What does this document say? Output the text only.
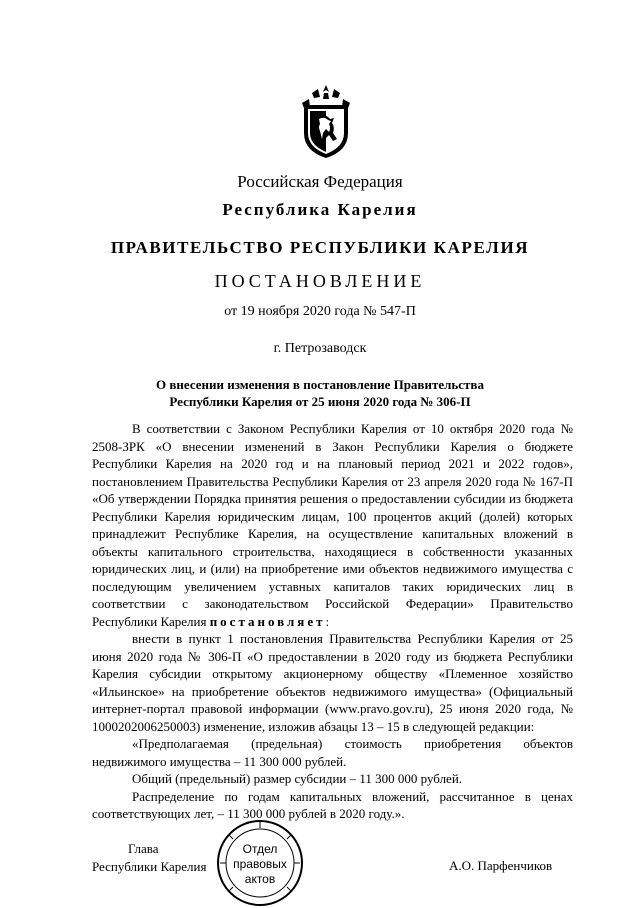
Российская Федерация
Республика Карелия
ПРАВИТЕЛЬСТВО РЕСПУБЛИКИ КАРЕЛИЯ
ПОСТАНОВЛЕНИЕ
от 19 ноября 2020 года № 547-П
г. Петрозаводск
О внесении изменения в постановление Правительства
Республики Карелия от 25 июня 2020 года № 306-П

В соответствии с Законом Республики Карелия от 10 октября 2020 года № 2508-ЗРК «О внесении изменений в Закон Республики Карелия о бюджете Республики Карелия на 2020 год и на плановый период 2021 и 2022 годов», постановлением Правительства Республики Карелия от 23 апреля 2020 года № 167-П «Об утверждении Порядка принятия решения о предоставлении субсидии из бюджета Республики Карелия юридическим лицам, 100 процентов акций (долей) которых принадлежит Республике Карелия, на осуществление капитальных вложений в объекты капитального строительства, находящиеся в собственности указанных юридических лиц, и (или) на приобретение ими объектов недвижимого имущества с последующим увеличением уставных капиталов таких юридических лиц в соответствии с законодательством Российской Федерации» Правительство Республики Карелия постановляет:

внести в пункт 1 постановления Правительства Республики Карелия от 25 июня 2020 года № 306-П «О предоставлении в 2020 году из бюджета Республики Карелия субсидии открытому акционерному обществу «Племенное хозяйство «Ильинское» на приобретение объектов недвижимого имущества» (Официальный интернет-портал правовой информации (www.pravo.gov.ru), 25 июня 2020 года, № 1000202006250003) изменение, изложив абзацы 13 – 15 в следующей редакции:

«Предполагаемая (предельная) стоимость приобретения объектов недвижимого имущества – 11 300 000 рублей.

Общий (предельный) размер субсидии – 11 300 000 рублей.

Распределение по годам капитальных вложений, рассчитанное в ценах соответствующих лет, – 11 300 000 рублей в 2020 году.».

Глава
Республики Карелия
Отдел
правовых
актов
А.О. Парфенчиков
